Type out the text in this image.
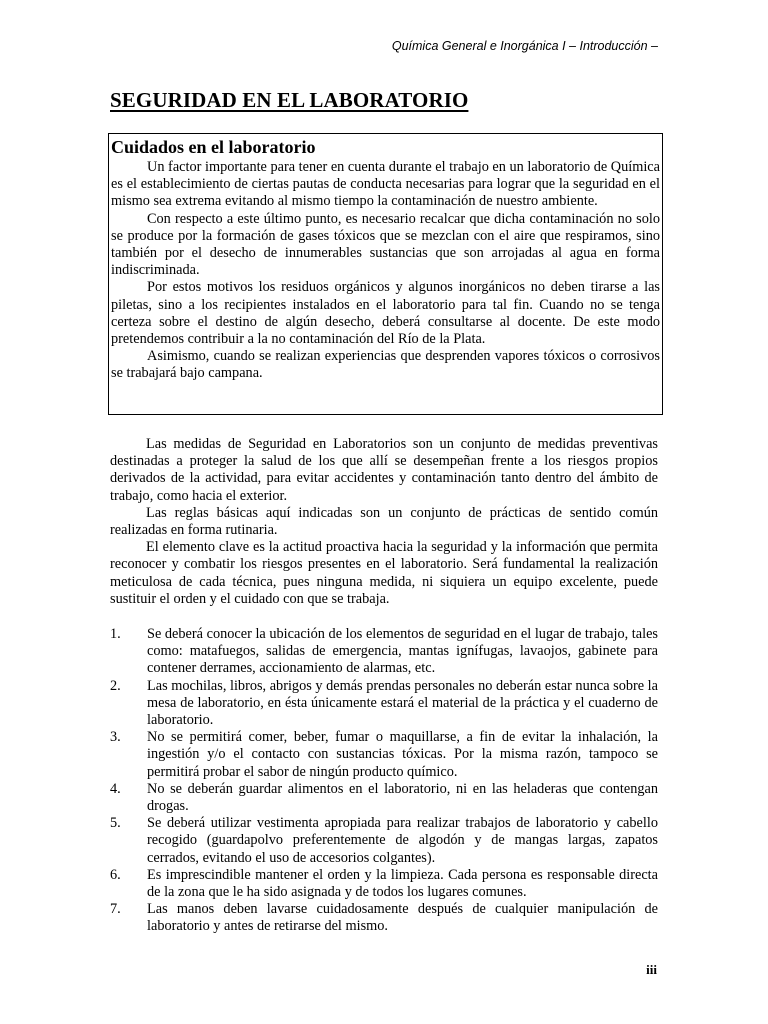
Química General e Inorgánica I – Introducción –
SEGURIDAD EN EL LABORATORIO
Cuidados en el laboratorio

Un factor importante para tener en cuenta durante el trabajo en un laboratorio de Química es el establecimiento de ciertas pautas de conducta necesarias para lograr que la seguridad en el mismo sea extrema evitando al mismo tiempo la contaminación de nuestro ambiente.

Con respecto a este último punto, es necesario recalcar que dicha contaminación no solo se produce por la formación de gases tóxicos que se mezclan con el aire que respiramos, sino también por el desecho de innumerables sustancias que son arrojadas al agua en forma indiscriminada.

Por estos motivos los residuos orgánicos y algunos inorgánicos no deben tirarse a las piletas, sino a los recipientes instalados en el laboratorio para tal fin. Cuando no se tenga certeza sobre el destino de algún desecho, deberá consultarse al docente. De este modo pretendemos contribuir a la no contaminación del Río de la Plata.

Asimismo, cuando se realizan experiencias que desprenden vapores tóxicos o corrosivos se trabajará bajo campana.

Las medidas de Seguridad en Laboratorios son un conjunto de medidas preventivas destinadas a proteger la salud de los que allí se desempeñan frente a los riesgos propios derivados de la actividad, para evitar accidentes y contaminación tanto dentro del ámbito de trabajo, como hacia el exterior.

Las reglas básicas aquí indicadas son un conjunto de prácticas de sentido común realizadas en forma rutinaria.

El elemento clave es la actitud proactiva hacia la seguridad y la información que permita reconocer y combatir los riesgos presentes en el laboratorio. Será fundamental la realización meticulosa de cada técnica, pues ninguna medida, ni siquiera un equipo excelente, puede sustituir el orden y el cuidado con que se trabaja.

1. Se deberá conocer la ubicación de los elementos de seguridad en el lugar de trabajo, tales como: matafuegos, salidas de emergencia, mantas ignífugas, lavaojos, gabinete para contener derrames, accionamiento de alarmas, etc.
2. Las mochilas, libros, abrigos y demás prendas personales no deberán estar nunca sobre la mesa de laboratorio, en ésta únicamente estará el material de la práctica y el cuaderno de laboratorio.
3. No se permitirá comer, beber, fumar o maquillarse, a fin de evitar la inhalación, la ingestión y/o el contacto con sustancias tóxicas. Por la misma razón, tampoco se permitirá probar el sabor de ningún producto químico.
4. No se deberán guardar alimentos en el laboratorio, ni en las heladeras que contengan drogas.
5. Se deberá utilizar vestimenta apropiada para realizar trabajos de laboratorio y cabello recogido (guardapolvo preferentemente de algodón y de mangas largas, zapatos cerrados, evitando el uso de accesorios colgantes).
6. Es imprescindible mantener el orden y la limpieza. Cada persona es responsable directa de la zona que le ha sido asignada y de todos los lugares comunes.
7. Las manos deben lavarse cuidadosamente después de cualquier manipulación de laboratorio y antes de retirarse del mismo.
iii
